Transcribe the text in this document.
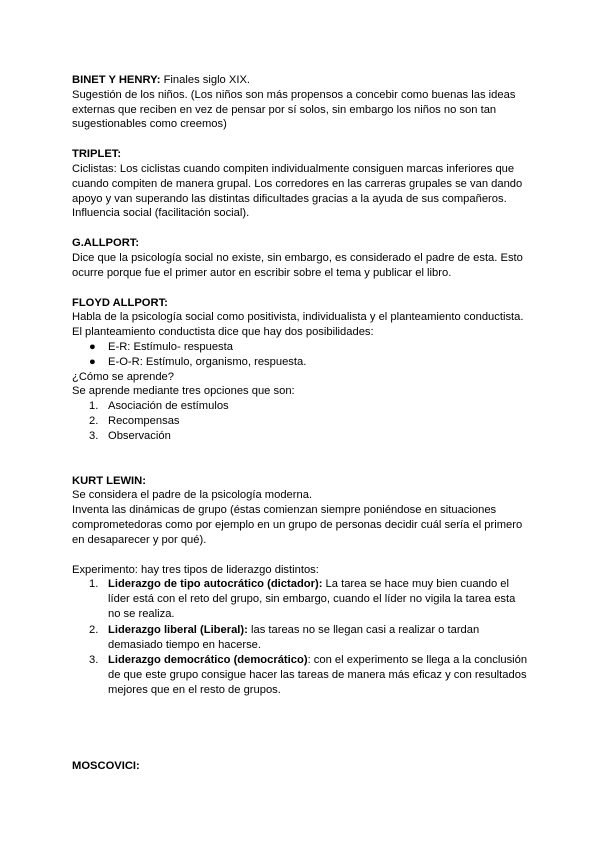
BINET Y HENRY: Finales siglo XIX.

Sugestión de los niños. (Los niños son más propensos a concebir como buenas las ideas externas que reciben en vez de pensar por sí solos, sin embargo los niños no son tan sugestionables como creemos)

TRIPLET:

Ciclistas: Los ciclistas cuando compiten individualmente consiguen marcas inferiores que cuando compiten de manera grupal. Los corredores en las carreras grupales se van dando apoyo y van superando las distintas dificultades gracias a la ayuda de sus compañeros.

Influencia social (facilitación social).

G.ALLPORT:

Dice que la psicología social no existe, sin embargo, es considerado el padre de esta. Esto ocurre porque fue el primer autor en escribir sobre el tema y publicar el libro.

FLOYD ALLPORT:

Habla de la psicología social como positivista, individualista y el planteamiento conductista.

El planteamiento conductista dice que hay dos posibilidades:

● E-R: Estímulo- respuesta
● E-O-R: Estímulo, organismo, respuesta.

¿Cómo se aprende?

Se aprende mediante tres opciones que son:

1. Asociación de estímulos
2. Recompensas
3. Observación

KURT LEWIN:

Se considera el padre de la psicología moderna.

Inventa las dinámicas de grupo (éstas comienzan siempre poniéndose en situaciones comprometedoras como por ejemplo en un grupo de personas decidir cuál sería el primero en desaparecer y por qué).

Experimento: hay tres tipos de liderazgo distintos:

1. Liderazgo de tipo autocrático (dictador): La tarea se hace muy bien cuando el líder está con el reto del grupo, sin embargo, cuando el líder no vigila la tarea esta no se realiza.
2. Liderazgo liberal (Liberal): las tareas no se llegan casi a realizar o tardan demasiado tiempo en hacerse.
3. Liderazgo democrático (democrático): con el experimento se llega a la conclusión de que este grupo consigue hacer las tareas de manera más eficaz y con resultados mejores que en el resto de grupos.

MOSCOVICI:
